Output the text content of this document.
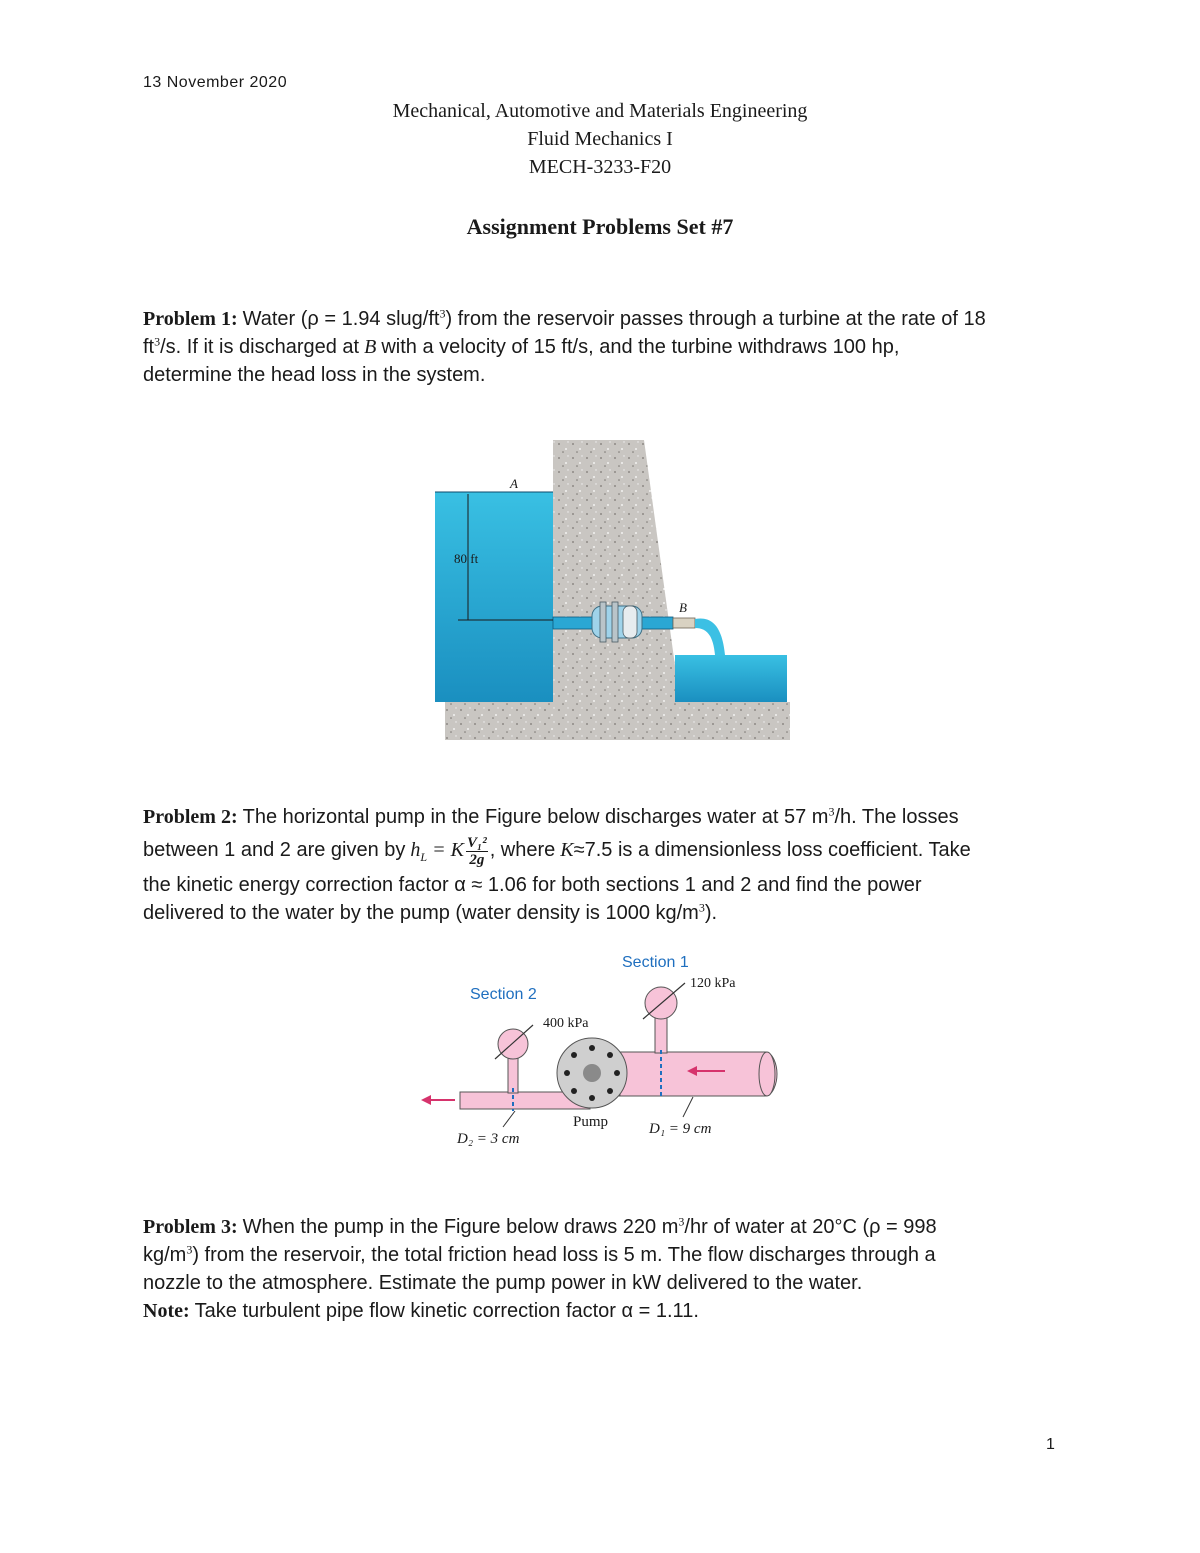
13 November 2020
Mechanical, Automotive and Materials Engineering
Fluid Mechanics I
MECH-3233-F20
Assignment Problems Set #7
Problem 1: Water (ρ = 1.94 slug/$ft^3$) from the reservoir passes through a turbine at the rate of 18
$ft^3/s$. If it is discharged at B with a velocity of 15 ft/s, and the turbine withdraws 100 hp,
determine the head loss in the system.
80 ft
A
B
Problem 2: The horizontal pump in the Figure below discharges water at 57 $m^3/h$. The losses
between 1 and 2 are given by $h_L = K \frac{\text{V₁²}}{2g}$ , where K≈7.5 is a dimensionless loss coefficient. Take
the kinetic energy correction factor α ≈ 1.06 for both sections 1 and 2 and find the power
delivered to the water by the pump (water density is 1000 $kg/m^3$).
Section 1
Section 2
400 kPa
120 kPa
Pump	D₁ = 9 cm
D₂ = 3 cm
Problem 3: When the pump in the Figure below draws 220 $m^3/hr$ of water at 20°C (ρ = 998
$kg/m^3$) from the reservoir, the total friction head loss is 5 m. The flow discharges through a
nozzle to the atmosphere. Estimate the pump power in kW delivered to the water.
Note: Take turbulent pipe flow kinetic correction factor α = 1.11.
1
